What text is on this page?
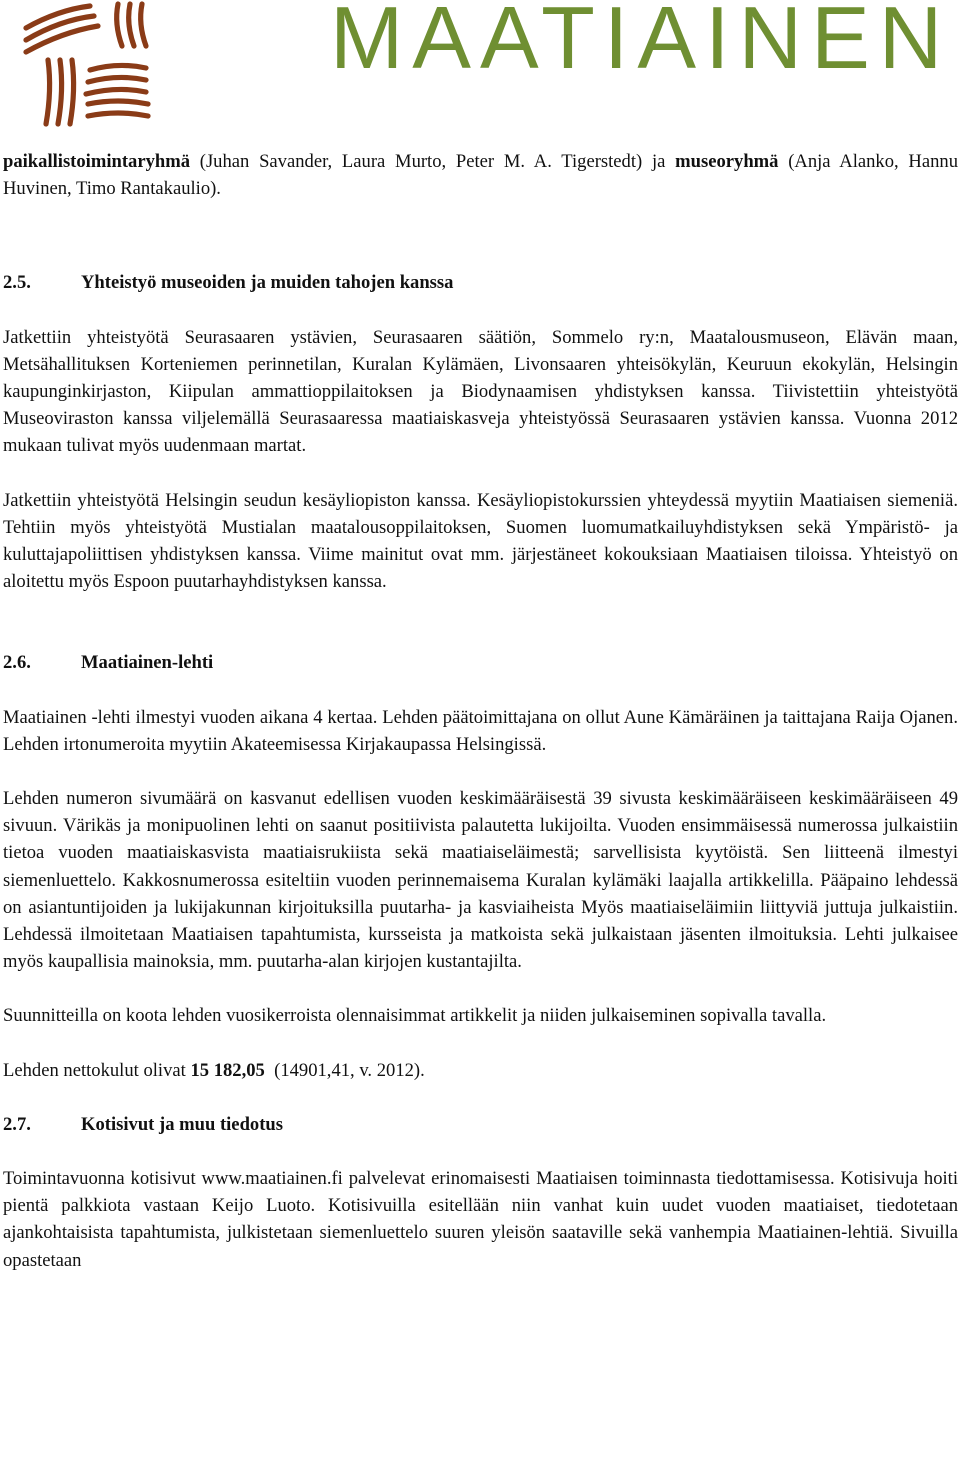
MAATIAINEN

paikallistoimintaryhmä (Juhan Savander, Laura Murto, Peter M. A. Tigerstedt) ja museoryhmä (Anja Alanko, Hannu Huvinen, Timo Rantakaulio).

2.5.	Yhteistyö museoiden ja muiden tahojen kanssa

Jatkettiin yhteistyötä Seurasaaren ystävien, Seurasaaren säätiön, Sommelo ry:n, Maatalousmuseon, Elävän maan, Metsähallituksen Korteniemen perinnetilan, Kuralan Kylämäen, Livonsaaren yhteisökylän, Keuruun ekokylän, Helsingin kaupunginkirjaston, Kiipulan ammattioppilaitoksen ja Biodynaamisen yhdistyksen kanssa. Tiivistettiin yhteistyötä Museoviraston kanssa viljelemällä Seurasaaressa maatiaiskasveja yhteistyössä Seurasaaren ystävien kanssa. Vuonna 2012 mukaan tulivat myös uudenmaan martat.

Jatkettiin yhteistyötä Helsingin seudun kesäyliopiston kanssa. Kesäyliopistokurssien yhteydessä myytiin Maatiaisen siemeniä. Tehtiin myös yhteistyötä Mustialan maatalousoppilaitoksen, Suomen luomumatkailuyhdistyksen sekä Ympäristö- ja kuluttajapoliittisen yhdistyksen kanssa. Viime mainitut ovat mm. järjestäneet kokouksiaan Maatiaisen tiloissa. Yhteistyö on aloitettu myös Espoon puutarhayhdistyksen kanssa.

2.6.	Maatiainen-lehti

Maatiainen -lehti ilmestyi vuoden aikana 4 kertaa. Lehden päätoimittajana on ollut Aune Kämäräinen ja taittajana Raija Ojanen. Lehden irtonumeroita myytiin Akateemisessa Kirjakaupassa Helsingissä.

Lehden numeron sivumäärä on kasvanut edellisen vuoden keskimääräisestä 39 sivusta keskimääräiseen keskimääräiseen 49 sivuun. Värikäs ja monipuolinen lehti on saanut positiivista palautetta lukijoilta. Vuoden ensimmäisessä numerossa julkaistiin tietoa vuoden maatiaiskasvista maatiaisrukiista sekä maatiaiseläimestä; sarvellisista kyytöistä. Sen liitteenä ilmestyi siemenluettelo. Kakkosnumerossa esiteltiin vuoden perinnemaisema Kuralan kylämäki laajalla artikkelilla. Pääpaino lehdessä on asiantuntijoiden ja lukijakunnan kirjoituksilla puutarha- ja kasviaiheista Myös maatiaiseläimiin liittyviä juttuja julkaistiin. Lehdessä ilmoitetaan Maatiaisen tapahtumista, kursseista ja matkoista sekä julkaistaan jäsenten ilmoituksia. Lehti julkaisee myös kaupallisia mainoksia, mm. puutarha-alan kirjojen kustantajilta.

Suunnitteilla on koota lehden vuosikerroista olennaisimmat artikkelit ja niiden julkaiseminen sopivalla tavalla.

Lehden nettokulut olivat 15 182,05  (14901,41, v. 2012).

2.7.	Kotisivut ja muu tiedotus

Toimintavuonna kotisivut www.maatiainen.fi palvelevat erinomaisesti Maatiaisen toiminnasta tiedottamisessa. Kotisivuja hoiti pientä palkkiota vastaan Keijo Luoto. Kotisivuilla esitellään niin vanhat kuin uudet vuoden maatiaiset, tiedotetaan ajankohtaisista tapahtumista, julkistetaan siemenluettelo suuren yleisön saataville sekä vanhempia Maatiainen-lehtiä. Sivuilla opastetaan
